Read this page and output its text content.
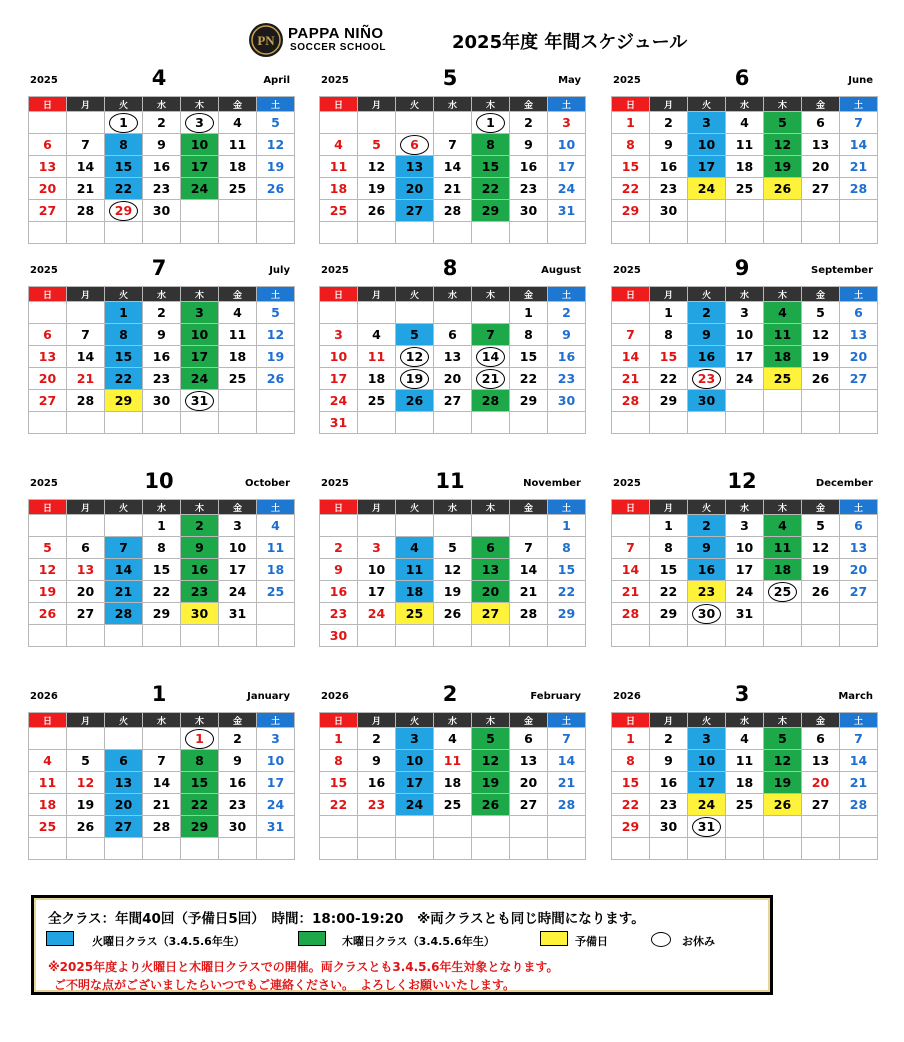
PN PAPPA NIÑO
SOCCER SCHOOL	2025年度 年間スケジュール
2025	4	April
日	月	火	水	木	金	土
		1	2	3	4	5
6	7	8	9	10	11	12
13	14	15	16	17	18	19
20	21	22	23	24	25	26
27	28	29	30			

2025	5	May
日	月	火	水	木	金	土
				1	2	3
4	5	6	7	8	9	10
11	12	13	14	15	16	17
18	19	20	21	22	23	24
25	26	27	28	29	30	31

2025	6	June
日	月	火	水	木	金	土
1	2	3	4	5	6	7
8	9	10	11	12	13	14
15	16	17	18	19	20	21
22	23	24	25	26	27	28
29	30					

2025	7	July
日	月	火	水	木	金	土
		1	2	3	4	5
6	7	8	9	10	11	12
13	14	15	16	17	18	19
20	21	22	23	24	25	26
27	28	29	30	31		

2025	8	August
日	月	火	水	木	金	土
					1	2
3	4	5	6	7	8	9
10	11	12	13	14	15	16
17	18	19	20	21	22	23
24	25	26	27	28	29	30
31						
2025	9	September
日	月	火	水	木	金	土
	1	2	3	4	5	6
7	8	9	10	11	12	13
14	15	16	17	18	19	20
21	22	23	24	25	26	27
28	29	30				

2025	10	October
日	月	火	水	木	金	土
			1	2	3	4
5	6	7	8	9	10	11
12	13	14	15	16	17	18
19	20	21	22	23	24	25
26	27	28	29	30	31	

2025	11	November
日	月	火	水	木	金	土
						1
2	3	4	5	6	7	8
9	10	11	12	13	14	15
16	17	18	19	20	21	22
23	24	25	26	27	28	29
30						
2025	12	December
日	月	火	水	木	金	土
	1	2	3	4	5	6
7	8	9	10	11	12	13
14	15	16	17	18	19	20
21	22	23	24	25	26	27
28	29	30	31			

2026	1	January
日	月	火	水	木	金	土
				1	2	3
4	5	6	7	8	9	10
11	12	13	14	15	16	17
18	19	20	21	22	23	24
25	26	27	28	29	30	31

2026	2	February
日	月	火	水	木	金	土
1	2	3	4	5	6	7
8	9	10	11	12	13	14
15	16	17	18	19	20	21
22	23	24	25	26	27	28

2026	3	March
日	月	火	水	木	金	土
1	2	3	4	5	6	7
8	9	10	11	12	13	14
15	16	17	18	19	20	21
22	23	24	25	26	27	28
29	30	31				

全クラス：年間40回（予備日5回）　時間：18:00-19:20　※両クラスとも同じ時間になります。
火曜日クラス（3.4.5.6年生）	木曜日クラス（3.4.5.6年生）	予備日	お休み
※2025年度より火曜日と木曜日クラスでの開催。両クラスとも3.4.5.6年生対象となります。
ご不明な点がございましたらいつでもご連絡ください。　よろしくお願いいたします。
